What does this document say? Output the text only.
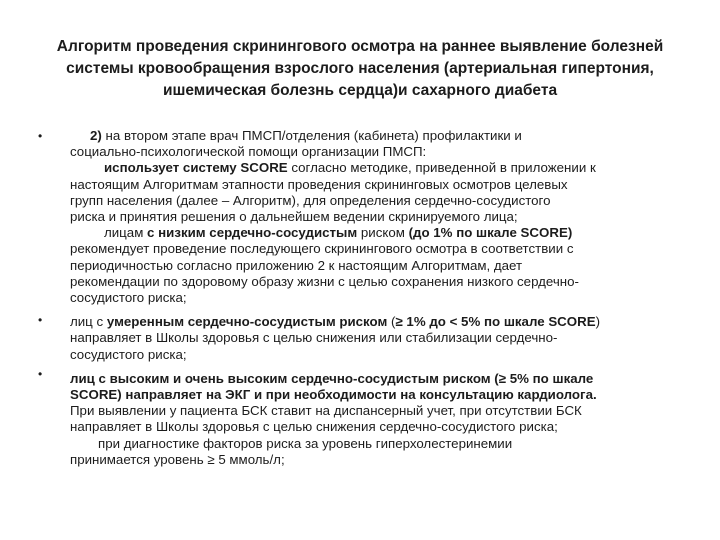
Алгоритм проведения скринингового осмотра на раннее выявление болезней
системы кровообращения взрослого населения (артериальная гипертония,
ишемическая болезнь сердца)и сахарного диабета
•
•
•
2) на втором этапе врач ПМСП/отделения (кабинета) профилактики и
социально-психологической помощи организации ПМСП:
использует систему SCORE согласно методике, приведенной в приложении к
настоящим Алгоритмам этапности проведения скрининговых осмотров целевых
групп населения (далее – Алгоритм), для определения сердечно-сосудистого
риска и принятия решения о дальнейшем ведении скринируемого лица;
лицам с низким сердечно-сосудистым риском (до 1% по шкале SCORE)
рекомендует проведение последующего скринингового осмотра в соответствии с
периодичностью согласно приложению 2 к настоящим Алгоритмам, дает
рекомендации по здоровому образу жизни с целью сохранения низкого сердечно-
сосудистого риска;
лиц с умеренным сердечно-сосудистым риском (≥ 1% до < 5% по шкале SCORE)
направляет в Школы здоровья с целью снижения или стабилизации сердечно-
сосудистого риска;
лиц с высоким и очень высоким сердечно-сосудистым риском (≥ 5% по шкале
SCORE) направляет на ЭКГ и при необходимости на консультацию кардиолога.
При выявлении у пациента БСК ставит на диспансерный учет, при отсутствии БСК
направляет в Школы здоровья с целью снижения сердечно-сосудистого риска;
при диагностике факторов риска за уровень гиперхолестеринемии
принимается уровень ≥ 5 ммоль/л;
